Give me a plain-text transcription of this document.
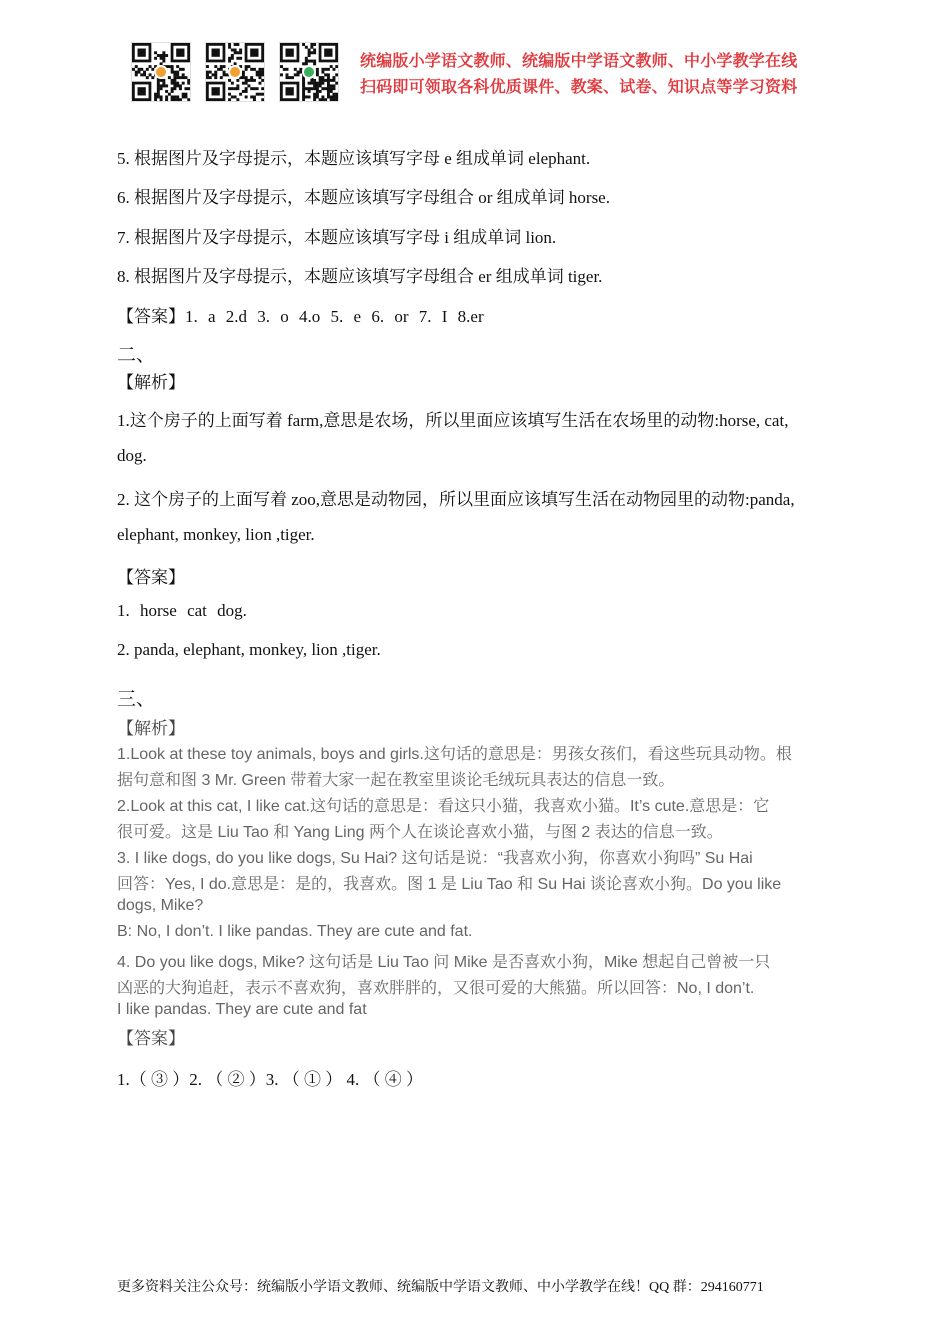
统编版小学语文教师、统编版中学语文教师、中小学教学在线
扫码即可领取各科优质课件、教案、试卷、知识点等学习资料
5. 根据图片及字母提示，本题应该填写字母 e 组成单词 elephant.
6. 根据图片及字母提示，本题应该填写字母组合 or 组成单词 horse.
7. 根据图片及字母提示，本题应该填写字母 i 组成单词 lion.
8. 根据图片及字母提示，本题应该填写字母组合 er 组成单词 tiger.
【答案】1. a 2.d 3. o 4.o 5. e 6. or 7. I 8.er
二、
【解析】
1.这个房子的上面写着 farm,意思是农场，所以里面应该填写生活在农场里的动物:horse, cat,
dog.
2. 这个房子的上面写着 zoo,意思是动物园，所以里面应该填写生活在动物园里的动物:panda,
elephant, monkey, lion ,tiger.
【答案】
1. horse cat dog.
2. panda, elephant, monkey, lion ,tiger.
三、
【解析】
1.Look at these toy animals, boys and girls.这句话的意思是：男孩女孩们，看这些玩具动物。根
据句意和图 3 Mr. Green 带着大家一起在教室里谈论毛绒玩具表达的信息一致。
2.Look at this cat, I like cat.这句话的意思是：看这只小猫，我喜欢小猫。It’s cute.意思是：它
很可爱。这是 Liu Tao 和 Yang Ling 两个人在谈论喜欢小猫，与图 2 表达的信息一致。
3. I like dogs, do you like dogs, Su Hai? 这句话是说：“我喜欢小狗，你喜欢小狗吗” Su Hai
回答：Yes, I do.意思是：是的，我喜欢。图 1 是 Liu Tao 和 Su Hai 谈论喜欢小狗。Do you like
dogs, Mike?
B: No, I don’t. I like pandas. They are cute and fat.
4. Do you like dogs, Mike? 这句话是 Liu Tao 问 Mike 是否喜欢小狗，Mike 想起自己曾被一只
凶恶的大狗追赶，表示不喜欢狗，喜欢胖胖的，又很可爱的大熊猫。所以回答：No, I don’t.
I like pandas. They are cute and fat
【答案】
1.（ ③ ）2. （ ② ）3. （ ① ） 4. （ ④ ）
更多资料关注公众号：统编版小学语文教师、统编版中学语文教师、中小学教学在线！QQ 群：294160771
